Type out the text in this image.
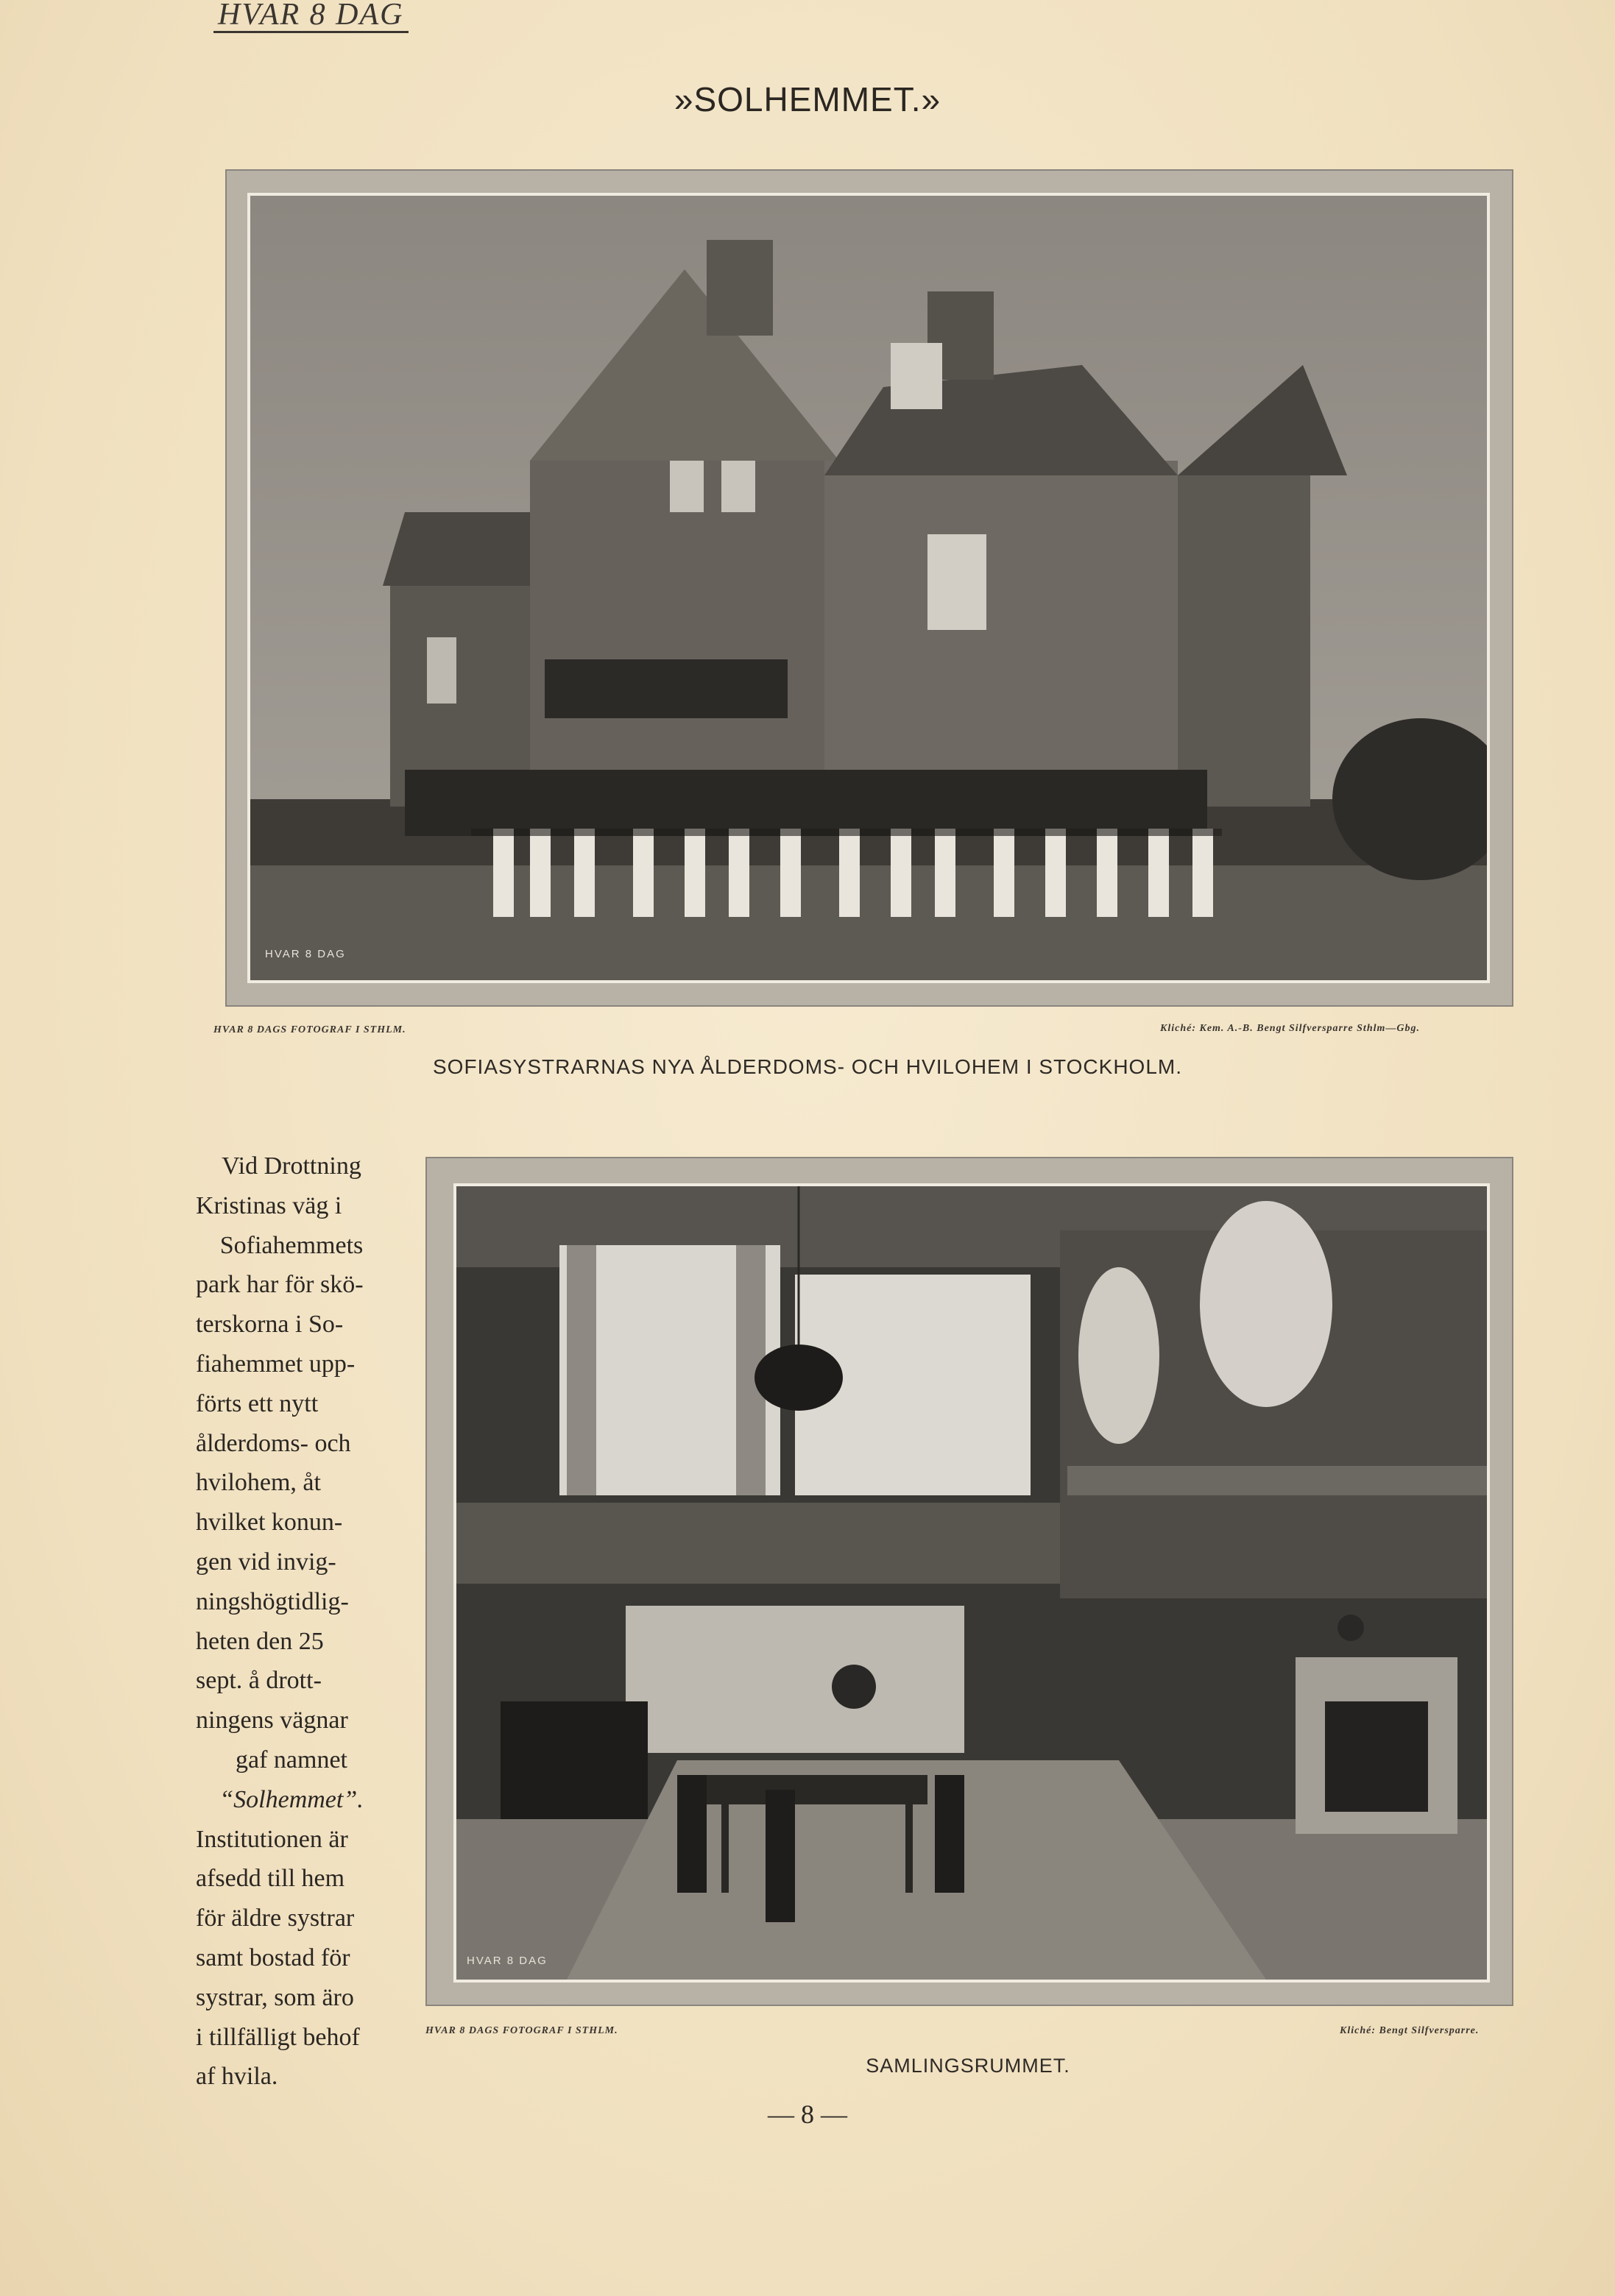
HVAR 8 DAG
»SOLHEMMET.»
HVAR 8 DAG
HVAR 8 DAGS FOTOGRAF I STHLM.	Kliché: Kem. A.-B. Bengt Silfversparre Sthlm—Gbg.
SOFIASYSTRARNAS NYA ÅLDERDOMS- OCH HVILOHEM I STOCKHOLM.
Vid Drottning
Kristinas väg i
Sofiahemmets
park har för skö-
terskorna i So-
fiahemmet upp-
förts ett nytt
ålderdoms- och
hvilohem, åt
hvilket konun-
gen vid invig-
ningshögtidlig-
heten den 25
sept. å drott-
ningens vägnar
gaf namnet
“Solhemmet”.
Institutionen är
afsedd till hem
för äldre systrar
samt bostad för
systrar, som äro
i tillfälligt behof
af hvila.
HVAR 8 DAG
HVAR 8 DAGS FOTOGRAF I STHLM.	Kliché: Bengt Silfversparre.
SAMLINGSRUMMET.
— 8 —
